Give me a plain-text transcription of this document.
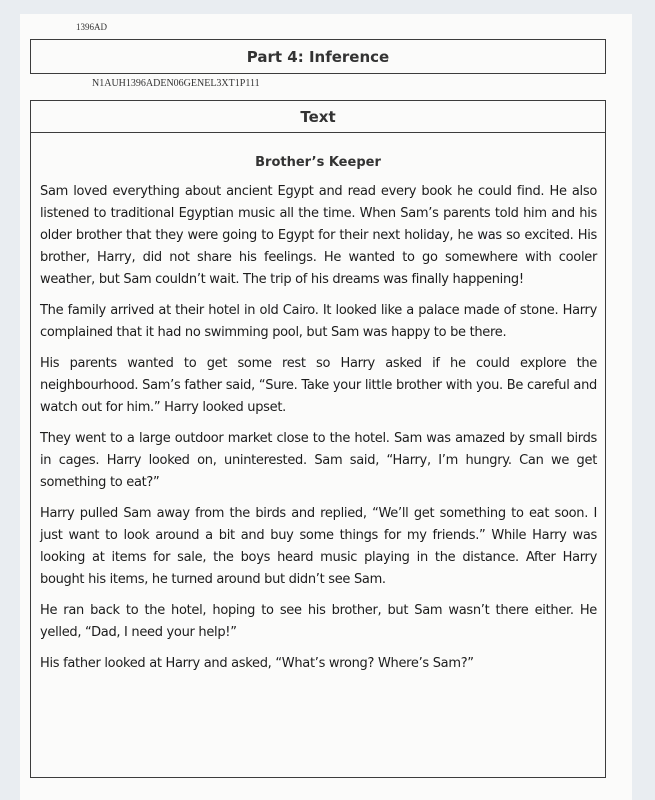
1396AD
Part 4: Inference
N1AUH1396ADEN06GENEL3XT1P111
Text
Brother’s Keeper

Sam loved everything about ancient Egypt and read every book he could find. He also listened to traditional Egyptian music all the time. When Sam’s parents told him and his older brother that they were going to Egypt for their next holiday, he was so excited. His brother, Harry, did not share his feelings. He wanted to go somewhere with cooler weather, but Sam couldn’t wait. The trip of his dreams was finally happening!

The family arrived at their hotel in old Cairo. It looked like a palace made of stone. Harry complained that it had no swimming pool, but Sam was happy to be there.

His parents wanted to get some rest so Harry asked if he could explore the neighbourhood. Sam’s father said, “Sure. Take your little brother with you. Be careful and watch out for him.” Harry looked upset.

They went to a large outdoor market close to the hotel. Sam was amazed by small birds in cages. Harry looked on, uninterested. Sam said, “Harry, I’m hungry. Can we get something to eat?”

Harry pulled Sam away from the birds and replied, “We’ll get something to eat soon. I just want to look around a bit and buy some things for my friends.” While Harry was looking at items for sale, the boys heard music playing in the distance. After Harry bought his items, he turned around but didn’t see Sam.

He ran back to the hotel, hoping to see his brother, but Sam wasn’t there either. He yelled, “Dad, I need your help!”

His father looked at Harry and asked, “What’s wrong? Where’s Sam?”
